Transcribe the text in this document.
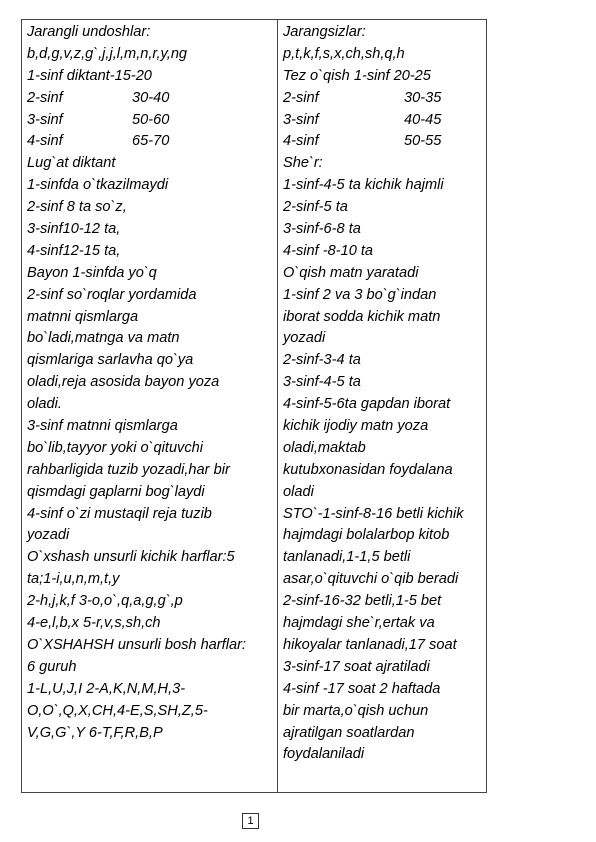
Jarangli undoshlar:
b,d,g,v,z,g`,j,j,l,m,n,r,y,ng
1-sinf diktant-15-20
2-sinf	30-40
3-sinf	50-60
4-sinf	65-70
Lug`at diktant
1-sinfda o`tkazilmaydi
2-sinf 8 ta so`z,
3-sinf10-12 ta,
4-sinf12-15 ta,
Bayon 1-sinfda yo`q
2-sinf so`roqlar yordamida
matnni qismlarga
bo`ladi,matnga va matn
qismlariga sarlavha qo`ya
oladi,reja asosida bayon yoza
oladi.
3-sinf matnni qismlarga
bo`lib,tayyor yoki o`qituvchi
rahbarligida tuzib yozadi,har bir
qismdagi gaplarni bog`laydi
4-sinf o`zi mustaqil reja tuzib
yozadi
O`xshash unsurli kichik harflar:5
ta;1-i,u,n,m,t,y
2-h,j,k,f 3-o,o`,q,a,g,g`,p
4-e,l,b,x 5-r,v,s,sh,ch
O`XSHAHSH unsurli bosh harflar:
6 guruh
1-L,U,J,I 2-A,K,N,M,H,3-
O,O`,Q,X,CH,4-E,S,SH,Z,5-
V,G,G`,Y 6-T,F,R,B,P
Jarangsizlar:
p,t,k,f,s,x,ch,sh,q,h
Tez o`qish 1-sinf 20-25
2-sinf	30-35
3-sinf	40-45
4-sinf	50-55
She`r:
1-sinf-4-5 ta kichik hajmli
2-sinf-5 ta
3-sinf-6-8 ta
4-sinf -8-10 ta
O`qish matn yaratadi
1-sinf 2 va 3 bo`g`indan
iborat sodda kichik matn
yozadi
2-sinf-3-4 ta
3-sinf-4-5 ta
4-sinf-5-6ta gapdan iborat
kichik ijodiy matn yoza
oladi,maktab
kutubxonasidan foydalana
oladi
STO`-1-sinf-8-16 betli kichik
hajmdagi bolalarbop kitob
tanlanadi,1-1,5 betli
asar,o`qituvchi o`qib beradi
2-sinf-16-32 betli,1-5 bet
hajmdagi she`r,ertak va
hikoyalar tanlanadi,17 soat
3-sinf-17 soat ajratiladi
4-sinf -17 soat 2 haftada
bir marta,o`qish uchun
ajratilgan soatlardan
foydalaniladi
1
